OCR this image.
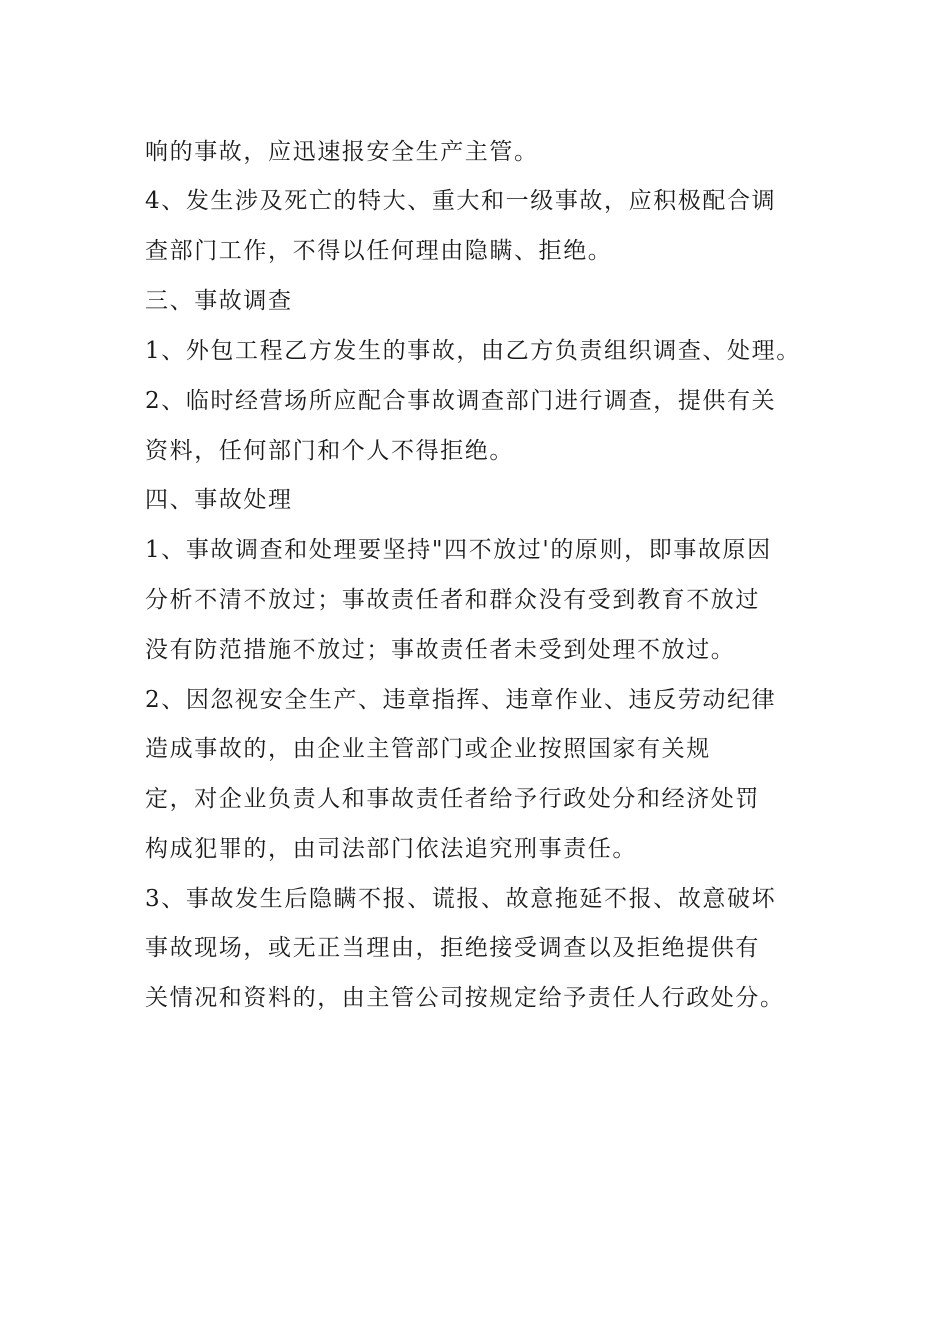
响的事故，应迅速报安全生产主管。
4、发生涉及死亡的特大、重大和一级事故，应积极配合调
查部门工作，不得以任何理由隐瞒、拒绝。
三、事故调查
1、外包工程乙方发生的事故，由乙方负责组织调查、处理。
2、临时经营场所应配合事故调查部门进行调查，提供有关
资料，任何部门和个人不得拒绝。
四、事故处理
1、事故调查和处理要坚持"四不放过'的原则，即事故原因
分析不清不放过；事故责任者和群众没有受到教育不放过
没有防范措施不放过；事故责任者未受到处理不放过。
2、因忽视安全生产、违章指挥、违章作业、违反劳动纪律
造成事故的，由企业主管部门或企业按照国家有关规
定，对企业负责人和事故责任者给予行政处分和经济处罚
构成犯罪的，由司法部门依法追究刑事责任。
3、事故发生后隐瞒不报、谎报、故意拖延不报、故意破坏
事故现场，或无正当理由，拒绝接受调查以及拒绝提供有
关情况和资料的，由主管公司按规定给予责任人行政处分。
